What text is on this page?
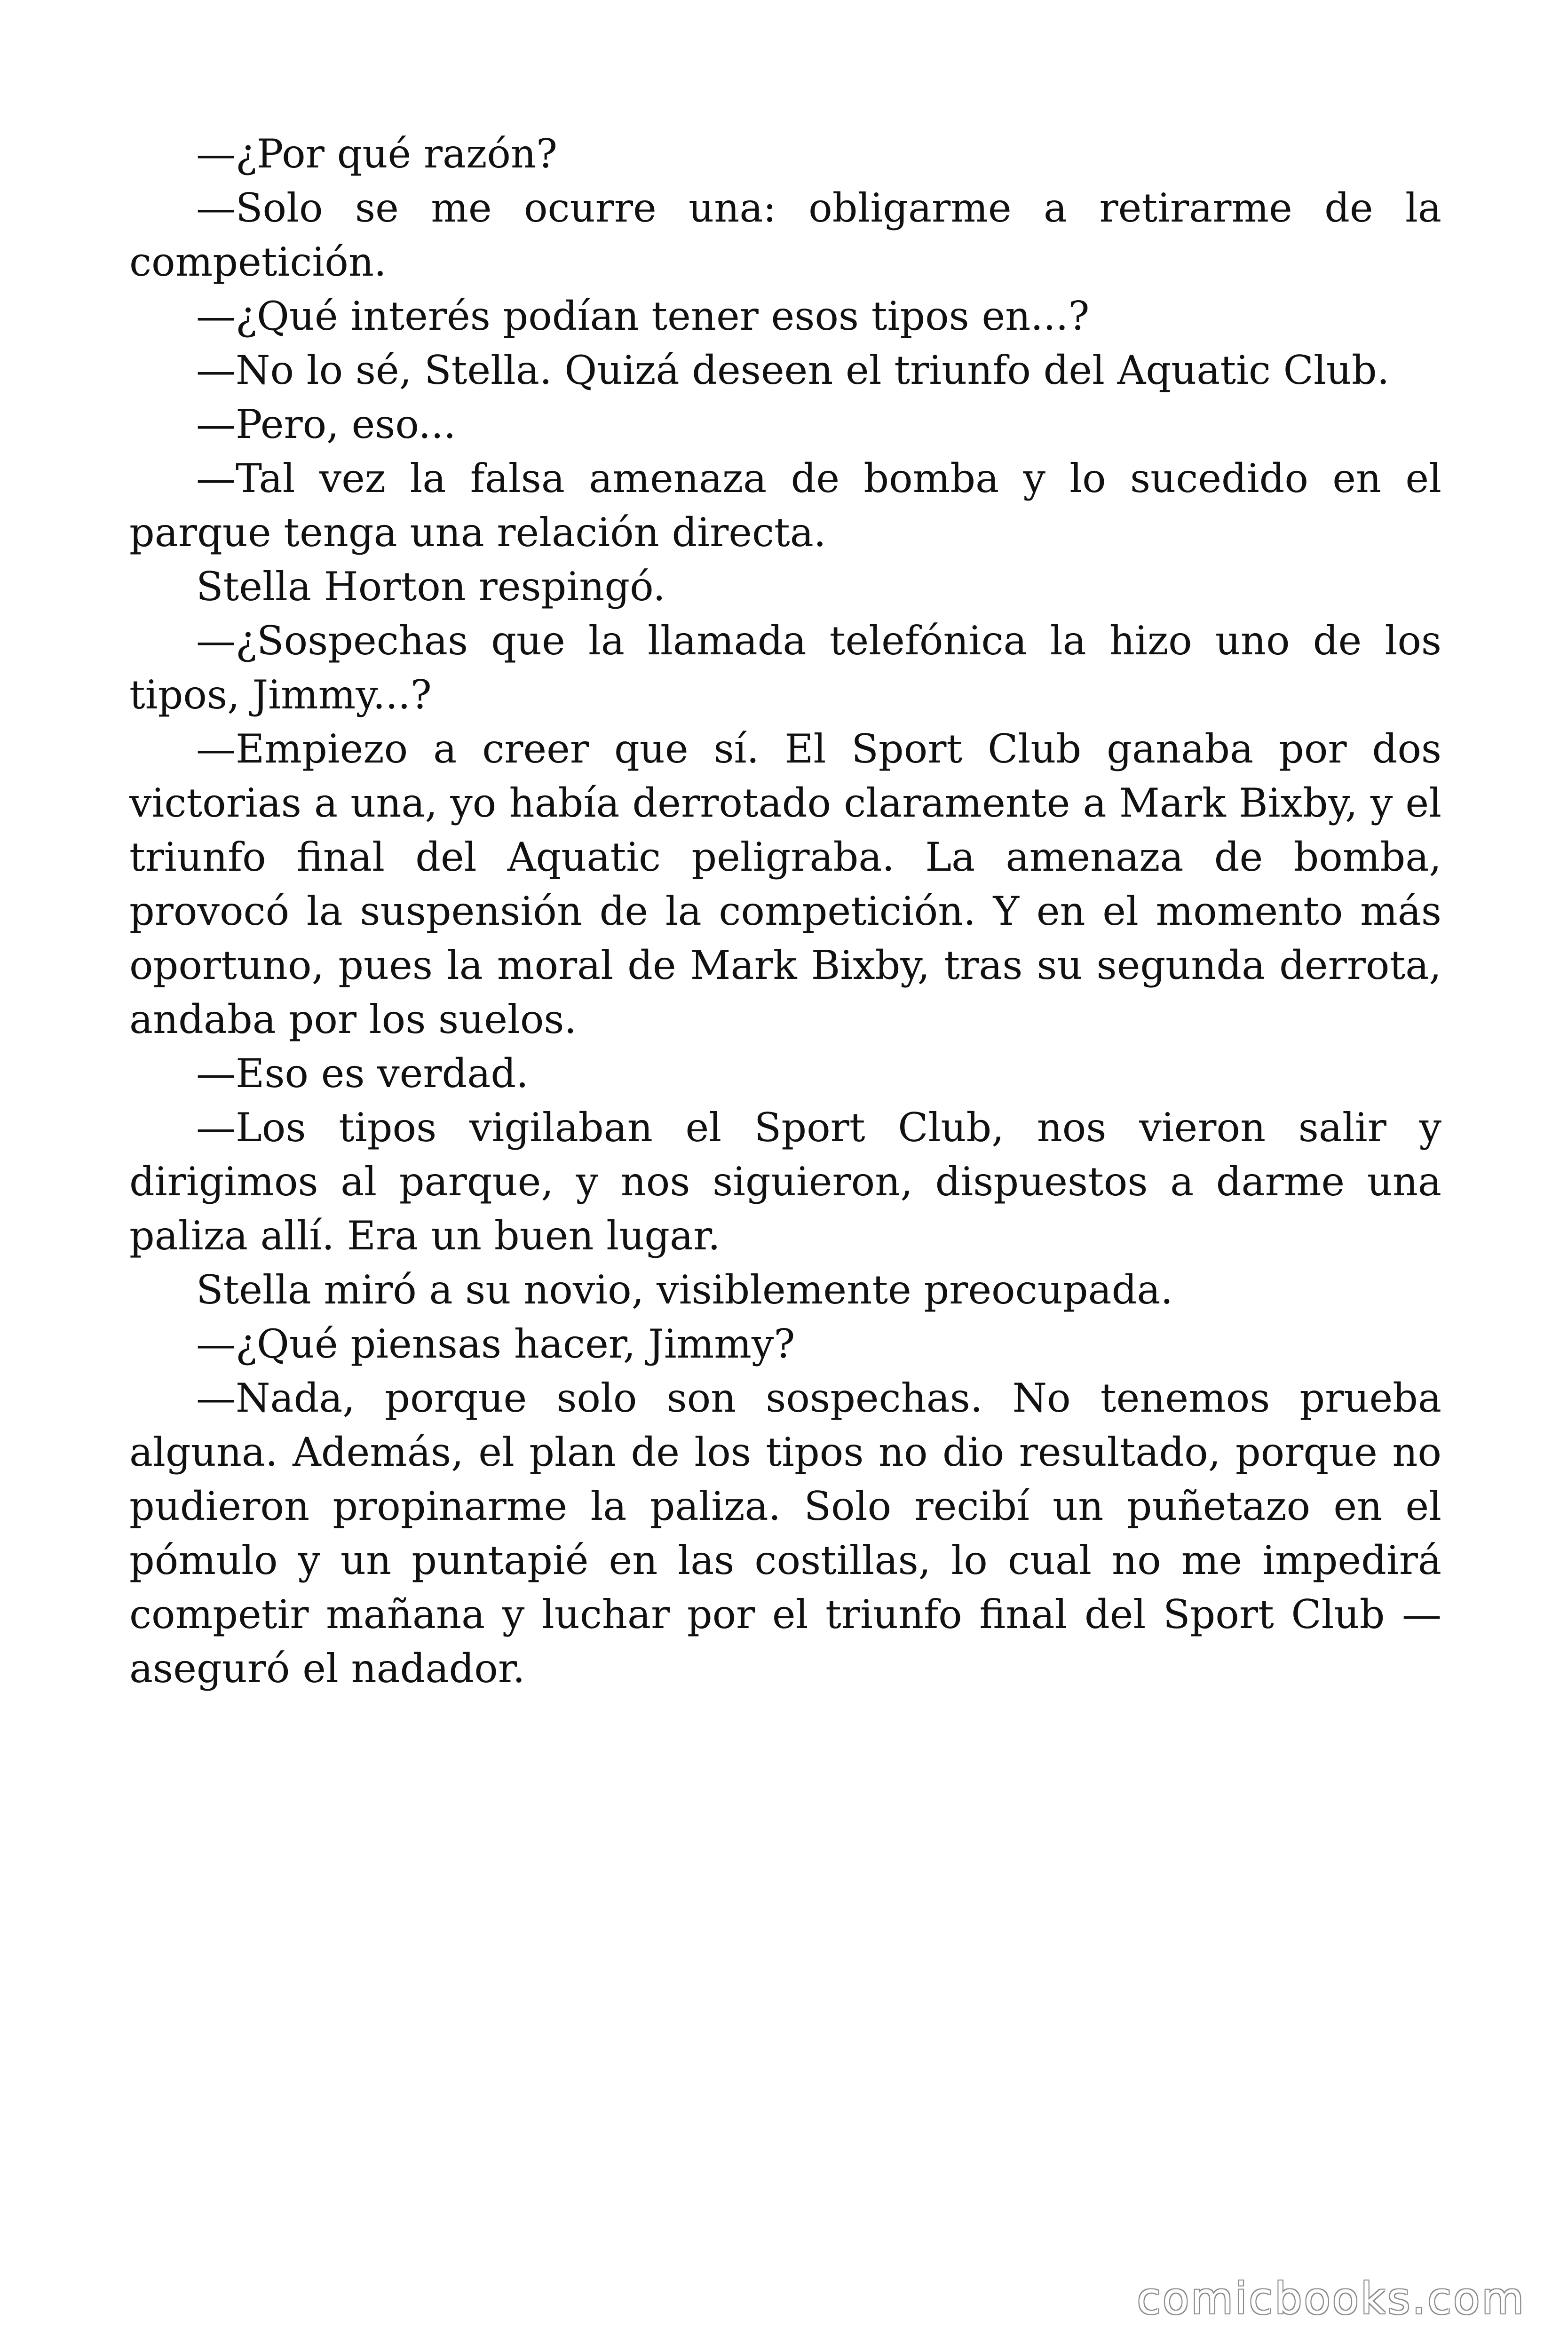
—¿Por qué razón?

—Solo se me ocurre una: obligarme a retirarme de la competición.

—¿Qué interés podían tener esos tipos en...?

—No lo sé, Stella. Quizá deseen el triunfo del Aquatic Club.

—Pero, eso...

—Tal vez la falsa amenaza de bomba y lo sucedido en el parque tenga una relación directa.

Stella Horton respingó.

—¿Sospechas que la llamada telefónica la hizo uno de los tipos, Jimmy...?

—Empiezo a creer que sí. El Sport Club ganaba por dos victorias a una, yo había derrotado claramente a Mark Bixby, y el triunfo final del Aquatic peligraba. La amenaza de bomba, provocó la suspensión de la competición. Y en el momento más oportuno, pues la moral de Mark Bixby, tras su segunda derrota, andaba por los suelos.

—Eso es verdad.

—Los tipos vigilaban el Sport Club, nos vieron salir y dirigimos al parque, y nos siguieron, dispuestos a darme una paliza allí. Era un buen lugar.

Stella miró a su novio, visiblemente preocupada.

—¿Qué piensas hacer, Jimmy?

—Nada, porque solo son sospechas. No tenemos prueba alguna. Además, el plan de los tipos no dio resultado, porque no pudieron propinarme la paliza. Solo recibí un puñetazo en el pómulo y un puntapié en las costillas, lo cual no me impedirá competir mañana y luchar por el triunfo final del Sport Club —aseguró el nadador.

comicbooks.com
